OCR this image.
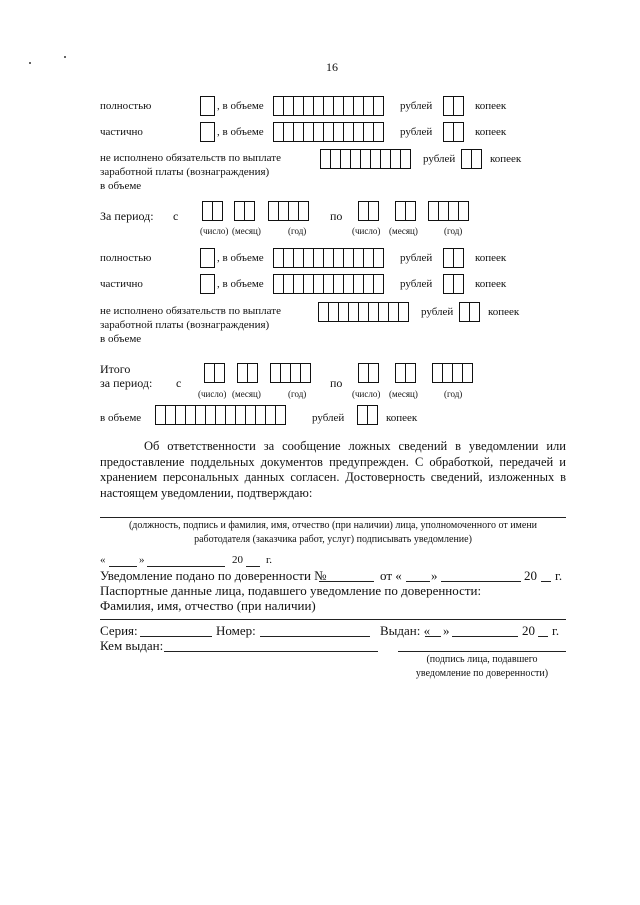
16
полностью	, в объеме	рублей	копеек
частично	, в объеме	рублей	копеек
не исполнено обязательств по выплате
заработной платы (вознаграждения)
в объеме
рублей	копеек
За период: с	по
(число) (месяц)	(год)	(число) (месяц)	(год)
полностью	, в объеме	рублей	копеек
частично	, в объеме	рублей	копеек
не исполнено обязательств по выплате
заработной платы (вознаграждения)
в объеме
рублей	копеек
Итого
за период: с	по
(число) (месяц)	(год)	(число) (месяц)	(год)
в объеме	рублей	копеек

Об ответственности за сообщение ложных сведений в уведомлении или предоставление поддельных документов предупрежден. С обработкой, передачей и хранением персональных данных согласен. Достоверность сведений, изложенных в настоящем уведомлении, подтверждаю:

(должность, подпись и фамилия, имя, отчество (при наличии) лица, уполномоченного от имени работодателя (заказчика работ, услуг) подписывать уведомление)
«	»	20 г.
Уведомление подано по доверенности №	от « »	20 г.
Паспортные данные лица, подавшего уведомление по доверенности:
Фамилия, имя, отчество (при наличии)
Серия:	Номер:	Выдан: « »	20 г.
Кем выдан:
(подпись лица, подавшего
уведомление по доверенности)
